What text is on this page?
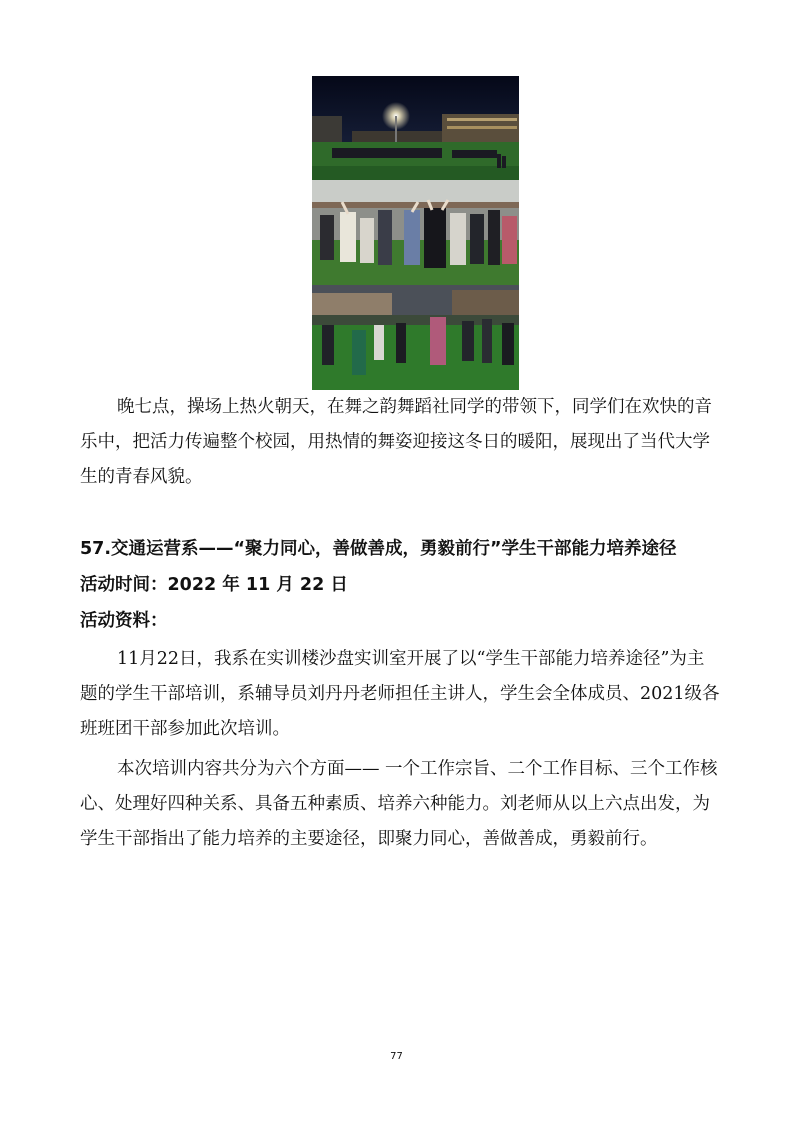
晚七点，操场上热火朝天，在舞之韵舞蹈社同学的带领下，同学们在欢快的音乐中，把活力传遍整个校园，用热情的舞姿迎接这冬日的暖阳，展现出了当代大学生的青春风貌。

57.交通运营系——“聚力同心，善做善成，勇毅前行”学生干部能力培养途径

活动时间：2022 年 11 月 22 日

活动资料：

11月22日，我系在实训楼沙盘实训室开展了以“学生干部能力培养途径”为主题的学生干部培训，系辅导员刘丹丹老师担任主讲人，学生会全体成员、2021级各班班团干部参加此次培训。

本次培训内容共分为六个方面—— 一个工作宗旨、二个工作目标、三个工作核心、处理好四种关系、具备五种素质、培养六种能力。刘老师从以上六点出发，为学生干部指出了能力培养的主要途径，即聚力同心，善做善成，勇毅前行。

77
